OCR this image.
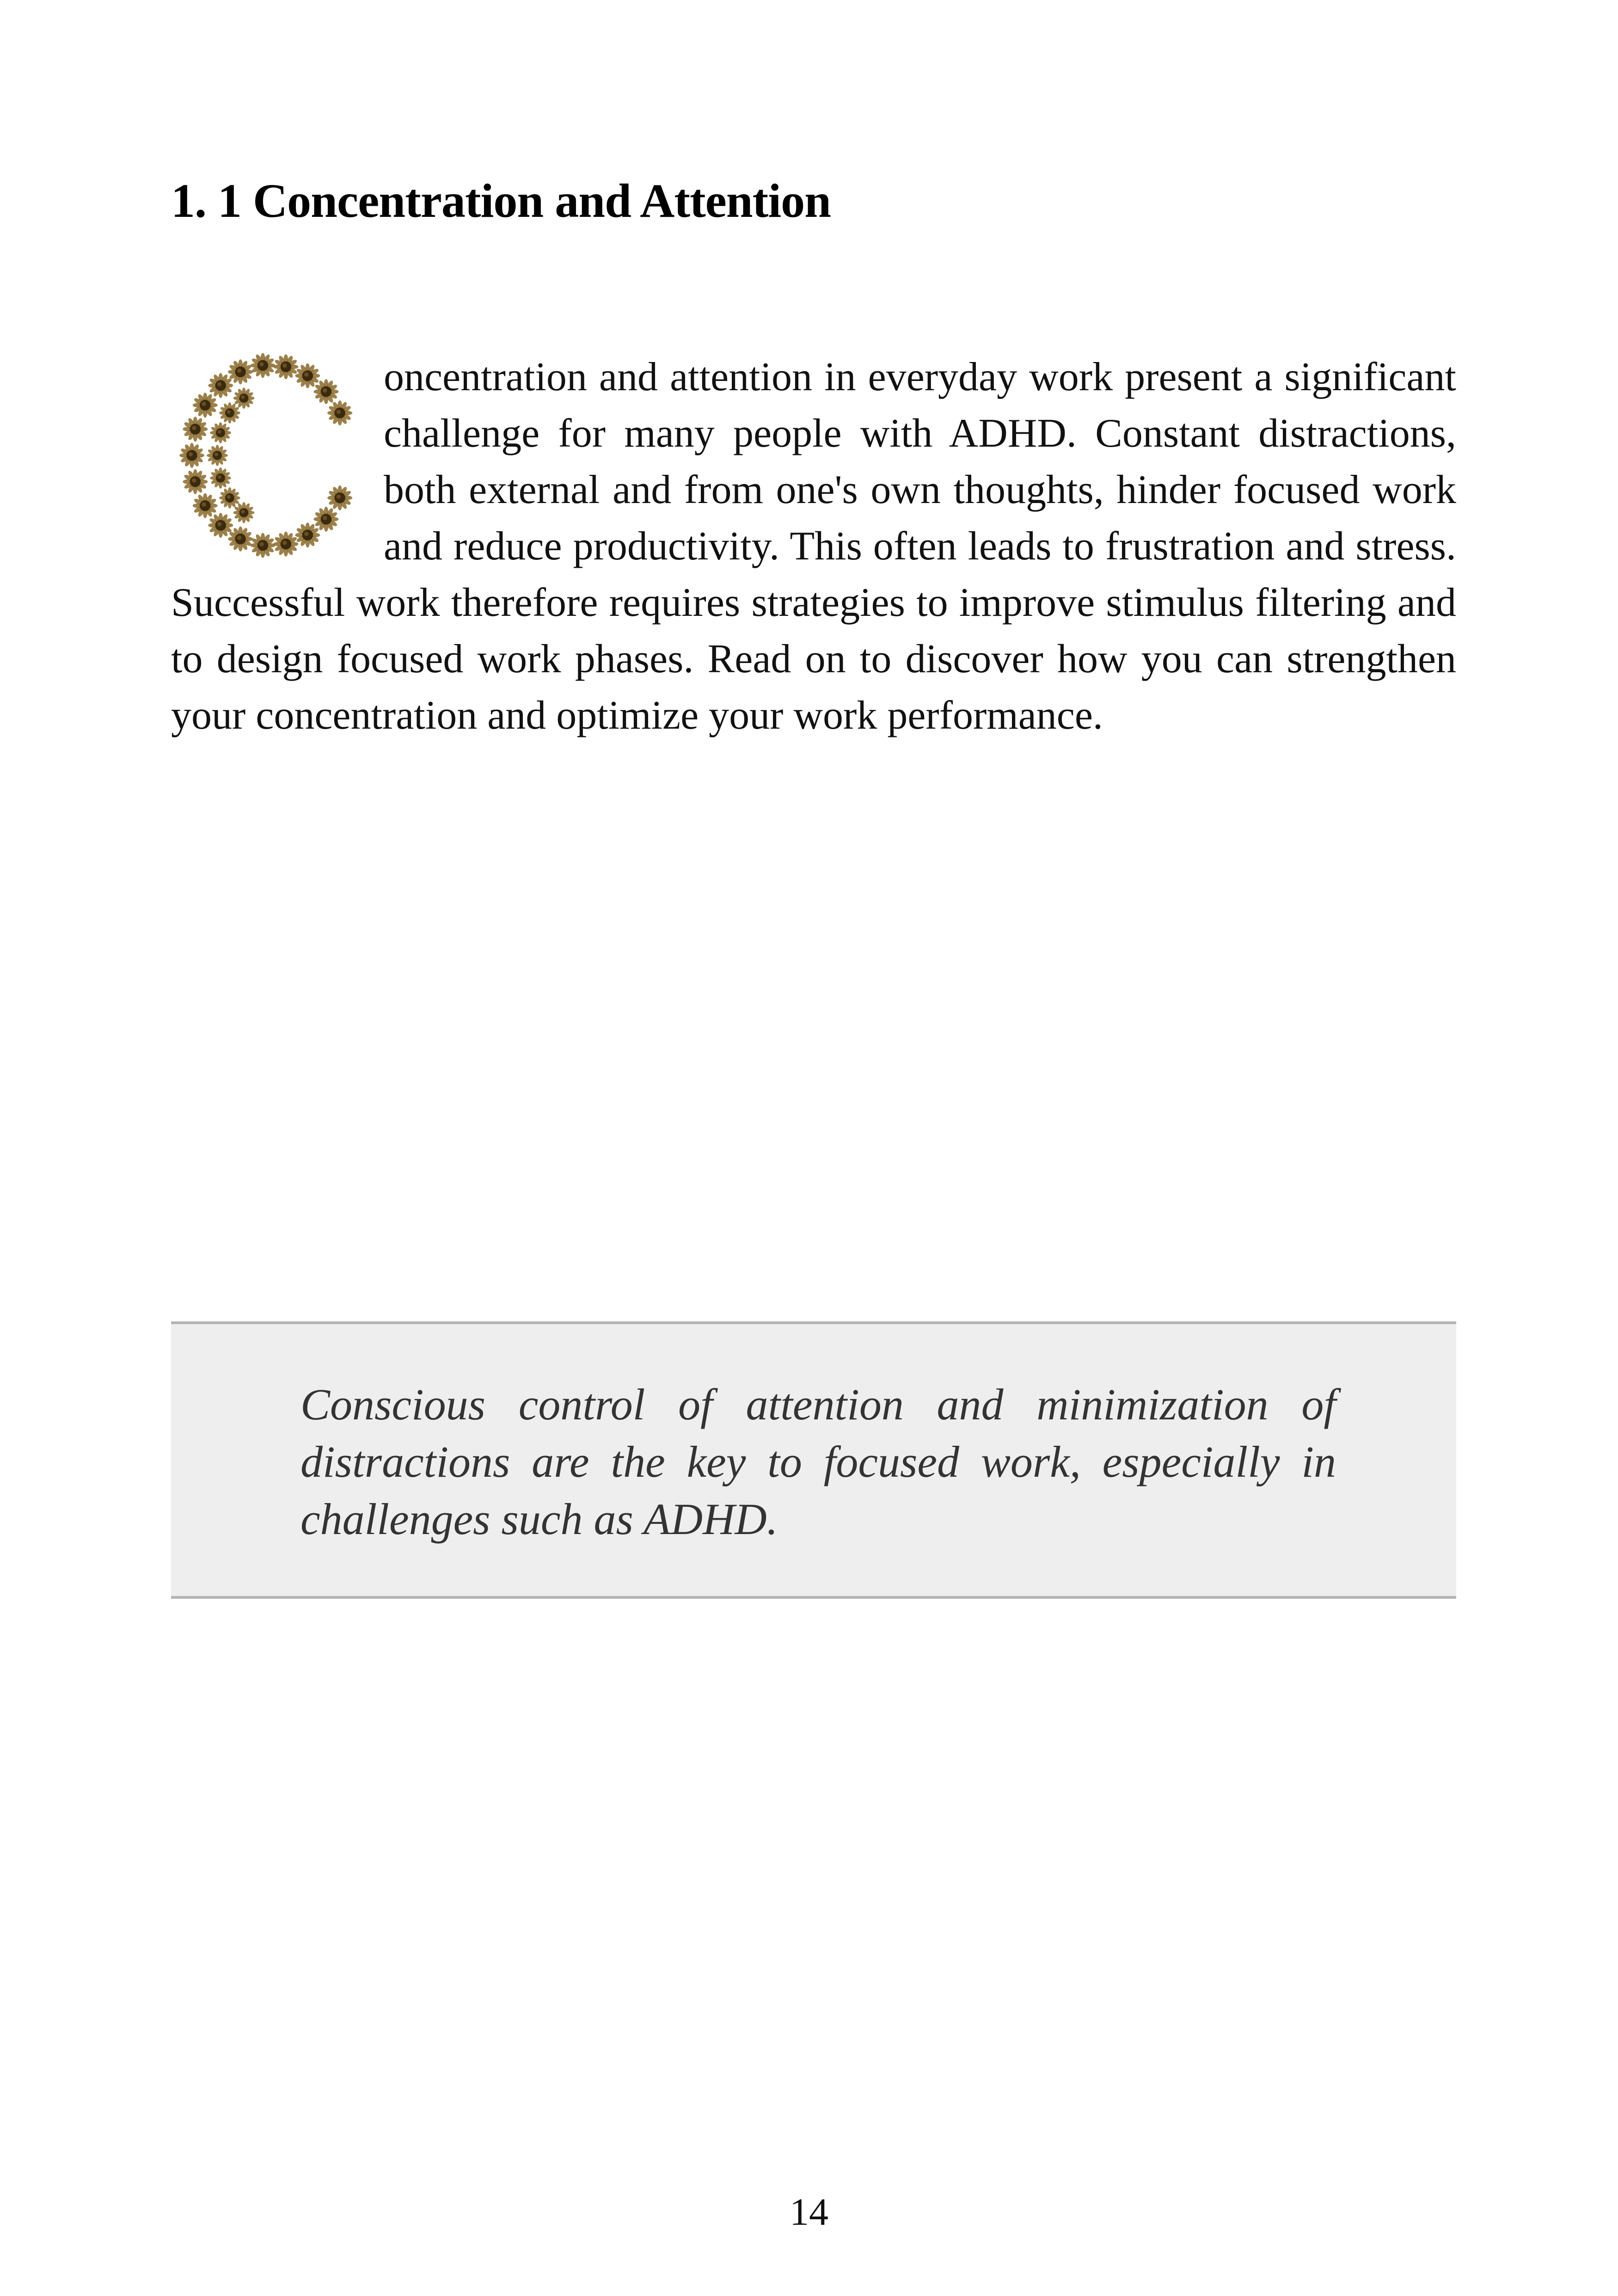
1. 1 Concentration and Attention

oncentration and attention in everyday work present a significant challenge for many people with ADHD. Constant distractions, both external and from one's own thoughts, hinder focused work and reduce productivity. This often leads to frustration and stress. Successful work therefore requires strategies to improve stimulus filtering and to design focused work phases. Read on to discover how you can strengthen your concentration and optimize your work performance.

Conscious control of attention and minimization of distractions are the key to focused work, especially in challenges such as ADHD.

14
